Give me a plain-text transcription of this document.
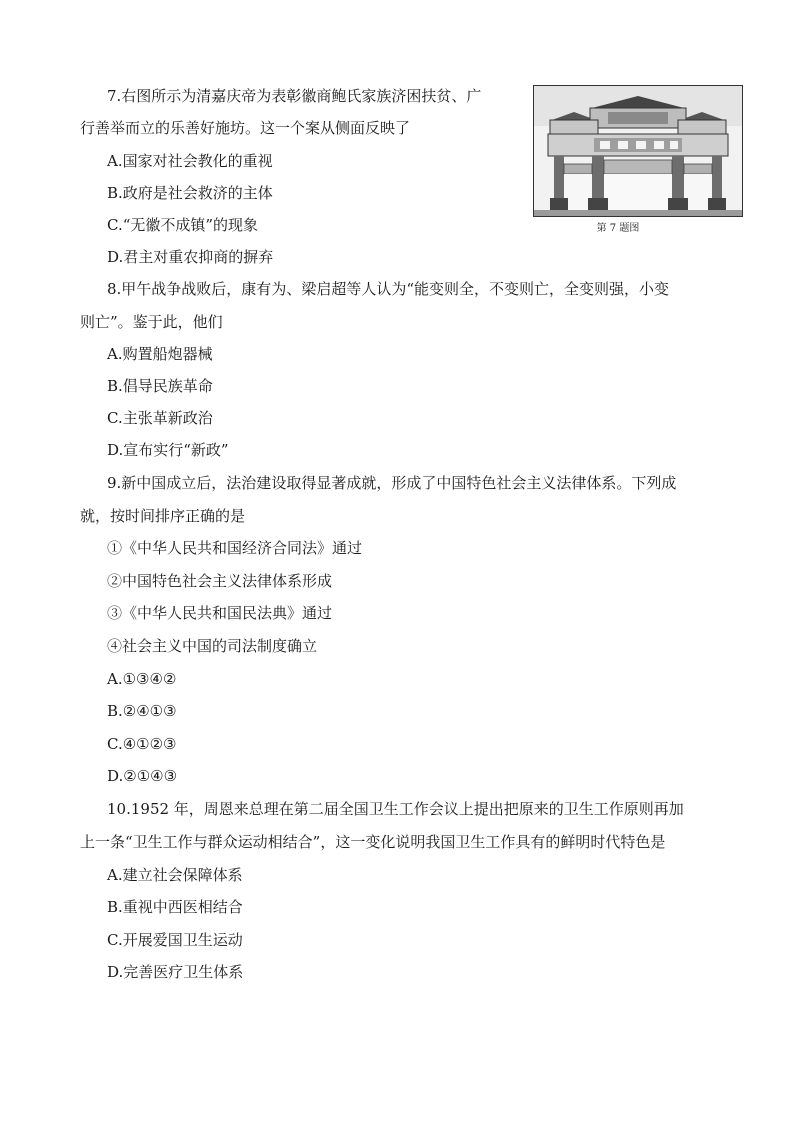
7.右图所示为清嘉庆帝为表彰徽商鲍氏家族济困扶贫、广
行善举而立的乐善好施坊。这一个案从侧面反映了
A.国家对社会教化的重视
B.政府是社会救济的主体
C.“无徽不成镇”的现象
D.君主对重农抑商的摒弃
第 7 题图
8.甲午战争战败后，康有为、梁启超等人认为“能变则全，不变则亡，全变则强，小变
则亡”。鉴于此，他们
A.购置船炮器械
B.倡导民族革命
C.主张革新政治
D.宣布实行“新政”
9.新中国成立后，法治建设取得显著成就，形成了中国特色社会主义法律体系。下列成
就，按时间排序正确的是
①《中华人民共和国经济合同法》通过
②中国特色社会主义法律体系形成
③《中华人民共和国民法典》通过
④社会主义中国的司法制度确立
A.①③④②
B.②④①③
C.④①②③
D.②①④③
10.1952 年，周恩来总理在第二届全国卫生工作会议上提出把原来的卫生工作原则再加
上一条“卫生工作与群众运动相结合”，这一变化说明我国卫生工作具有的鲜明时代特色是
A.建立社会保障体系
B.重视中西医相结合
C.开展爱国卫生运动
D.完善医疗卫生体系
